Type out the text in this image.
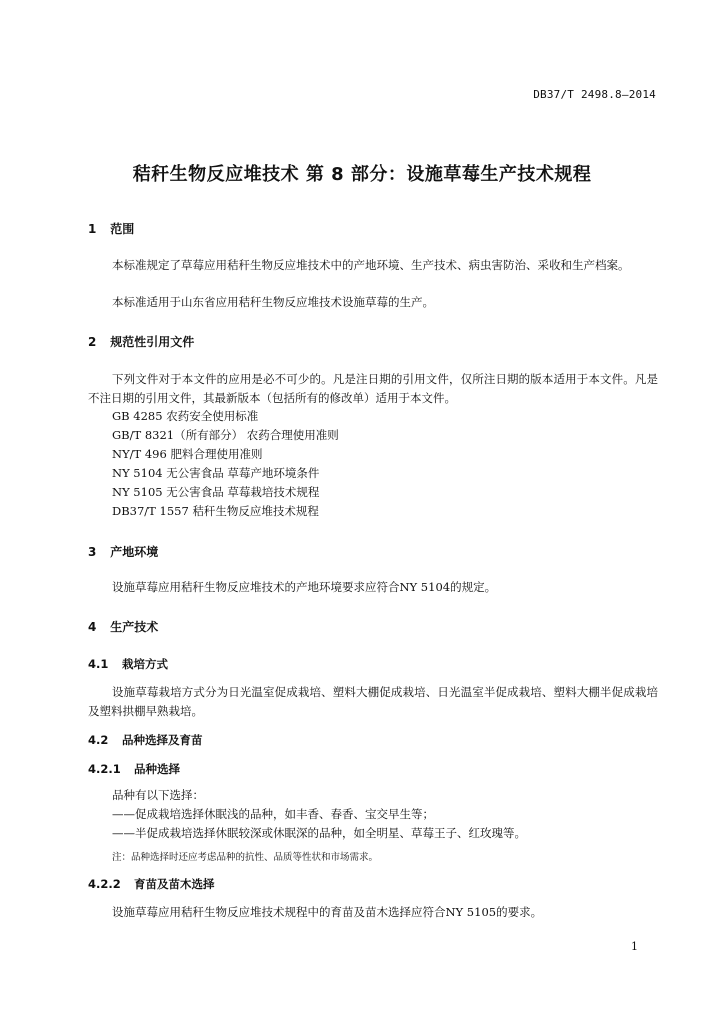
DB37/T 2498.8—2014
秸秆生物反应堆技术 第 8 部分：设施草莓生产技术规程
1 范围
本标准规定了草莓应用秸秆生物反应堆技术中的产地环境、生产技术、病虫害防治、采收和生产档案。
本标准适用于山东省应用秸秆生物反应堆技术设施草莓的生产。
2 规范性引用文件
下列文件对于本文件的应用是必不可少的。凡是注日期的引用文件，仅所注日期的版本适用于本文件。凡是不注日期的引用文件，其最新版本（包括所有的修改单）适用于本文件。
GB 4285 农药安全使用标准
GB/T 8321（所有部分） 农药合理使用准则
NY/T 496 肥料合理使用准则
NY 5104 无公害食品 草莓产地环境条件
NY 5105 无公害食品 草莓栽培技术规程
DB37/T 1557 秸秆生物反应堆技术规程
3 产地环境
设施草莓应用秸秆生物反应堆技术的产地环境要求应符合NY 5104的规定。
4 生产技术
4.1 栽培方式
设施草莓栽培方式分为日光温室促成栽培、塑料大棚促成栽培、日光温室半促成栽培、塑料大棚半促成栽培及塑料拱棚早熟栽培。
4.2 品种选择及育苗
4.2.1 品种选择
品种有以下选择：
——促成栽培选择休眠浅的品种，如丰香、春香、宝交早生等；
——半促成栽培选择休眠较深或休眠深的品种，如全明星、草莓王子、红玫瑰等。
注：品种选择时还应考虑品种的抗性、品质等性状和市场需求。
4.2.2 育苗及苗木选择
设施草莓应用秸秆生物反应堆技术规程中的育苗及苗木选择应符合NY 5105的要求。
1
